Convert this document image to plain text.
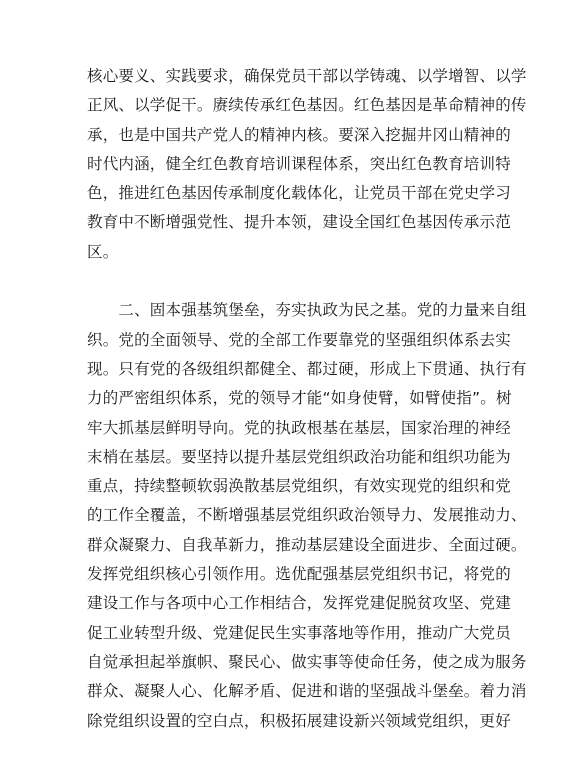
核心要义、实践要求，确保党员干部以学铸魂、以学增智、以学
正风、以学促干。赓续传承红色基因。红色基因是革命精神的传
承，也是中国共产党人的精神内核。要深入挖掘井冈山精神的
时代内涵，健全红色教育培训课程体系，突出红色教育培训特
色，推进红色基因传承制度化载体化，让党员干部在党史学习
教育中不断增强党性、提升本领，建设全国红色基因传承示范
区。
　　二、固本强基筑堡垒，夯实执政为民之基。党的力量来自组
织。党的全面领导、党的全部工作要靠党的坚强组织体系去实
现。只有党的各级组织都健全、都过硬，形成上下贯通、执行有
力的严密组织体系，党的领导才能“如身使臂，如臂使指”。树
牢大抓基层鲜明导向。党的执政根基在基层，国家治理的神经
末梢在基层。要坚持以提升基层党组织政治功能和组织功能为
重点，持续整顿软弱涣散基层党组织，有效实现党的组织和党
的工作全覆盖，不断增强基层党组织政治领导力、发展推动力、
群众凝聚力、自我革新力，推动基层建设全面进步、全面过硬。
发挥党组织核心引领作用。选优配强基层党组织书记，将党的
建设工作与各项中心工作相结合，发挥党建促脱贫攻坚、党建
促工业转型升级、党建促民生实事落地等作用，推动广大党员
自觉承担起举旗帜、聚民心、做实事等使命任务，使之成为服务
群众、凝聚人心、化解矛盾、促进和谐的坚强战斗堡垒。着力消
除党组织设置的空白点，积极拓展建设新兴领域党组织，更好
